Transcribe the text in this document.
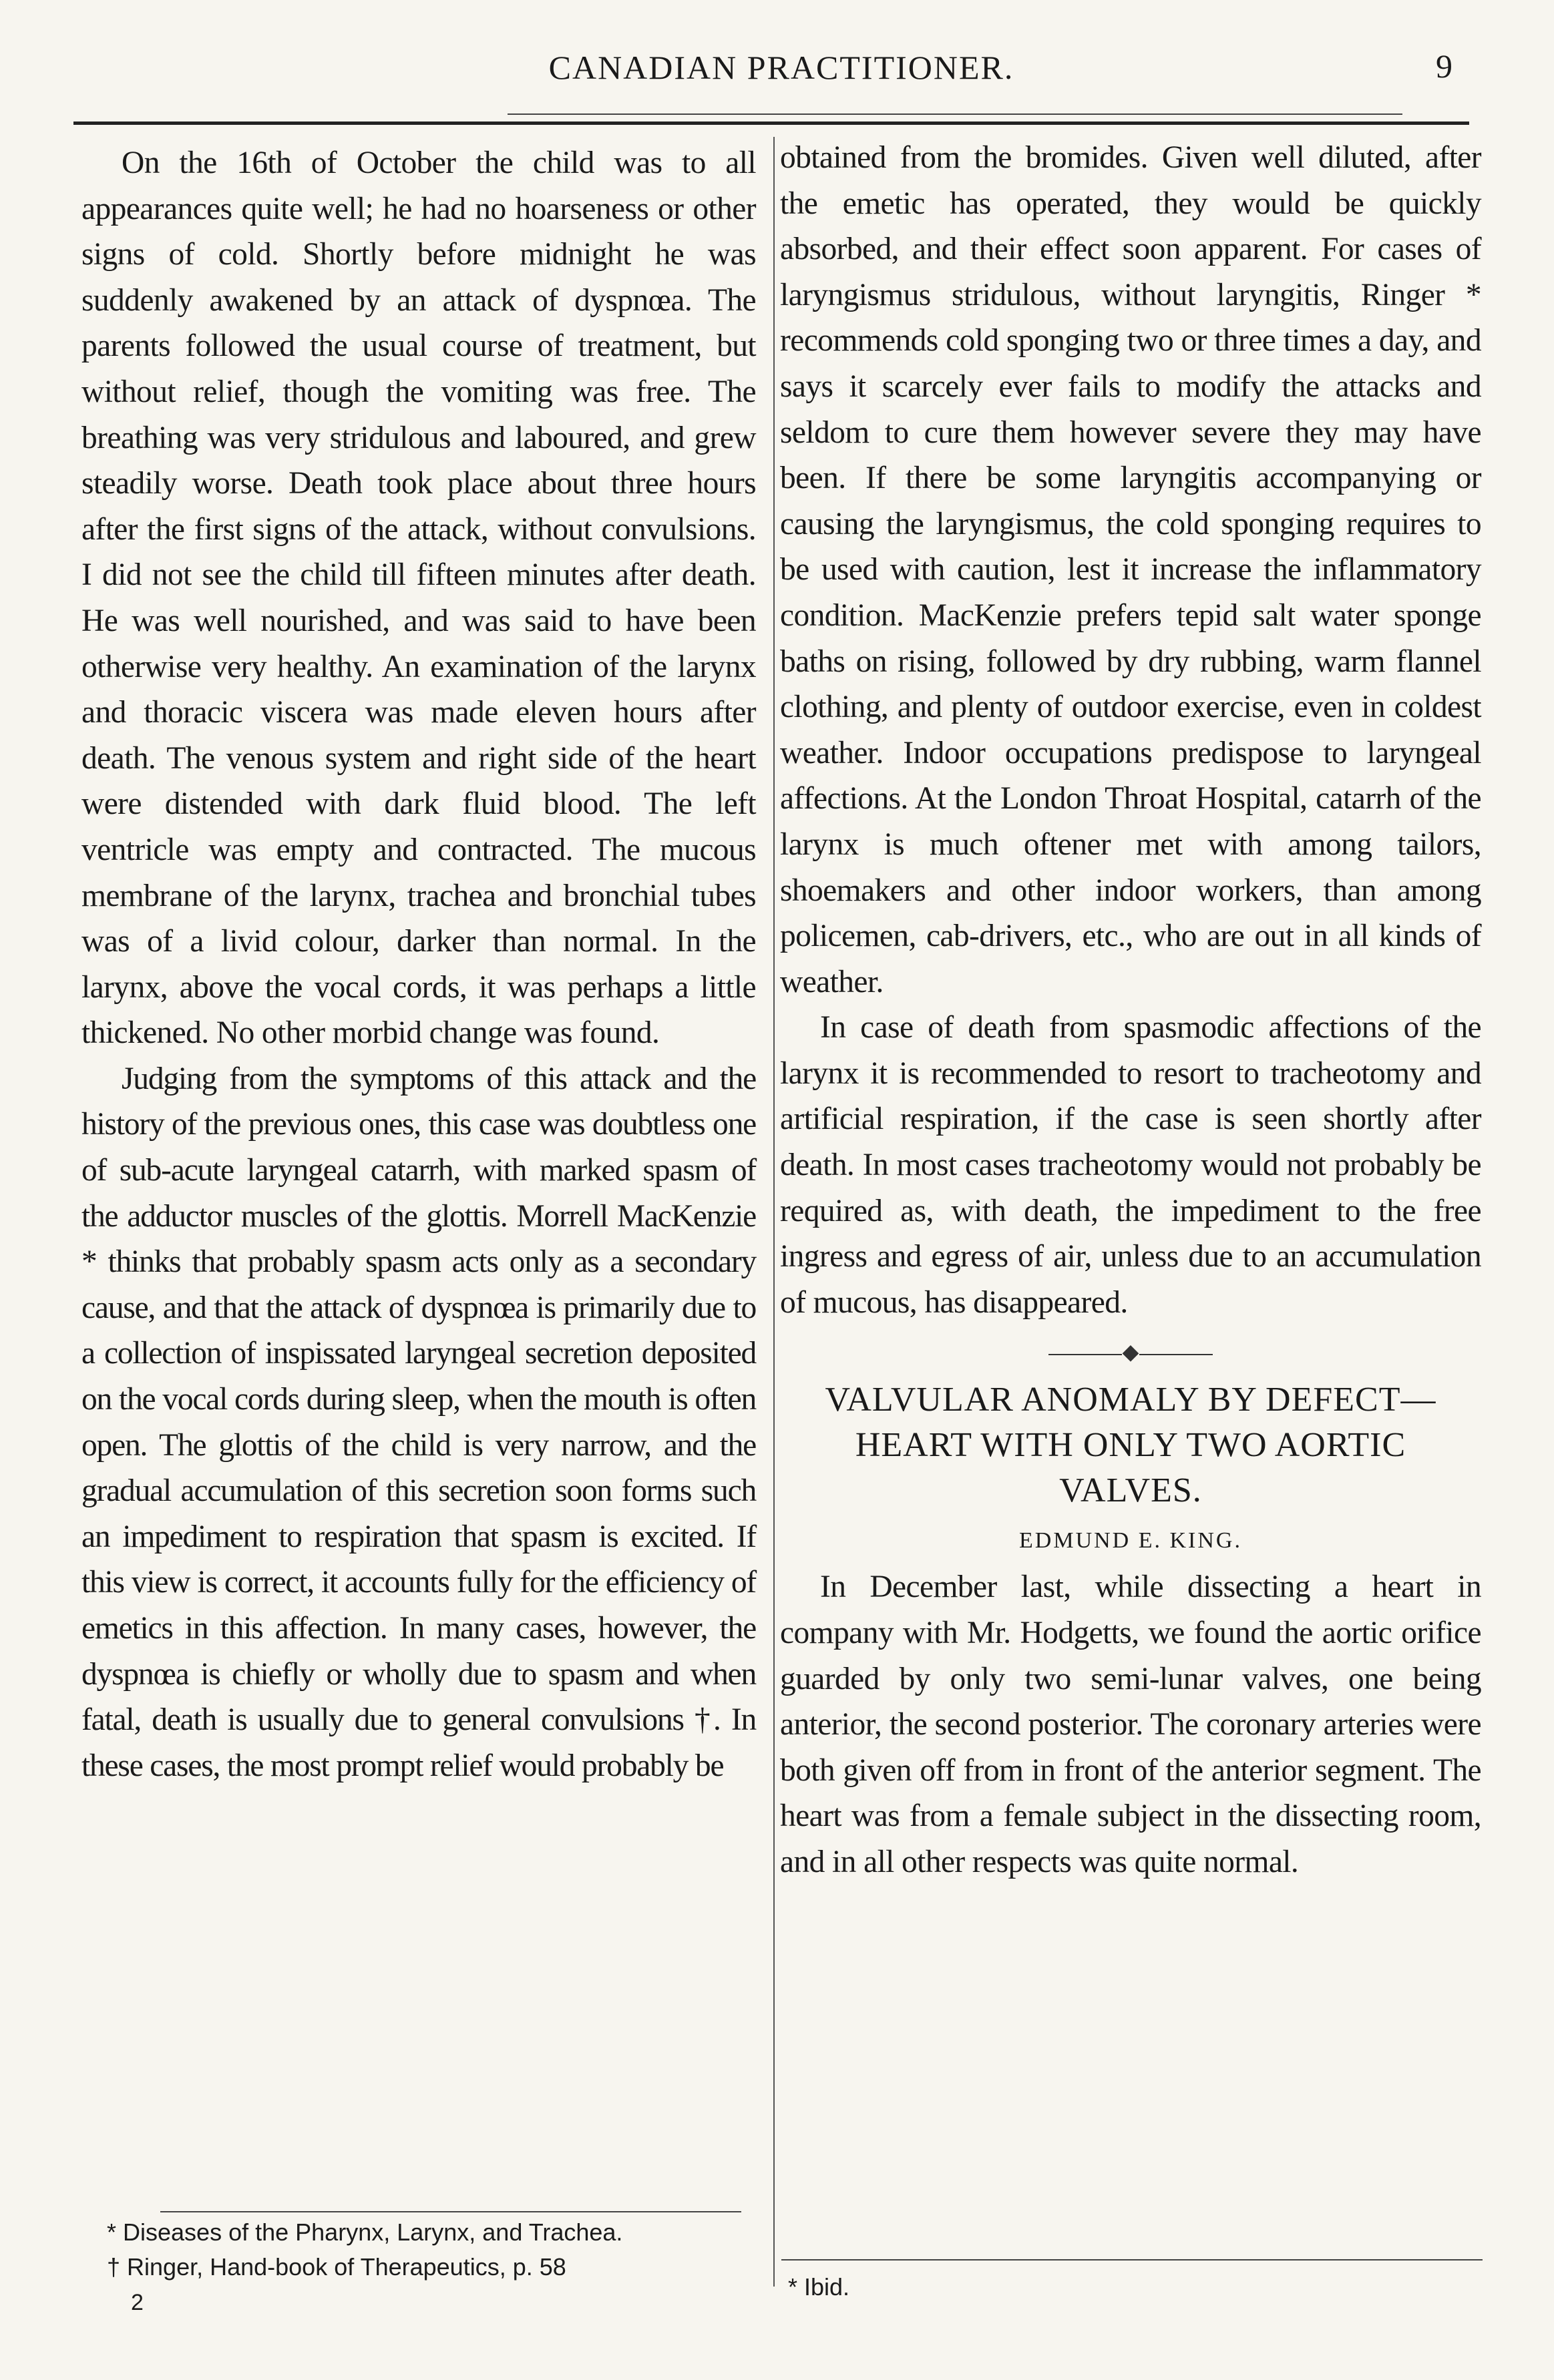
CANADIAN PRACTITIONER.	9

On the 16th of October the child was to all appearances quite well; he had no hoarseness or other signs of cold. Shortly before midnight he was suddenly awakened by an attack of dyspnœa. The parents followed the usual course of treatment, but without relief, though the vomiting was free. The breathing was very stridulous and laboured, and grew steadily worse. Death took place about three hours after the first signs of the attack, without convulsions. I did not see the child till fifteen minutes after death. He was well nourished, and was said to have been otherwise very healthy. An examination of the larynx and thoracic viscera was made eleven hours after death. The venous system and right side of the heart were distended with dark fluid blood. The left ventricle was empty and contracted. The mucous membrane of the larynx, trachea and bronchial tubes was of a livid colour, darker than normal. In the larynx, above the vocal cords, it was perhaps a little thickened. No other morbid change was found.

Judging from the symptoms of this attack and the history of the previous ones, this case was doubtless one of sub-acute laryngeal catarrh, with marked spasm of the adductor muscles of the glottis. Morrell MacKenzie * thinks that probably spasm acts only as a secondary cause, and that the attack of dyspnœa is primarily due to a collection of inspissated laryngeal secretion deposited on the vocal cords during sleep, when the mouth is often open. The glottis of the child is very narrow, and the gradual accumulation of this secretion soon forms such an impediment to respiration that spasm is excited. If this view is correct, it accounts fully for the efficiency of emetics in this affection. In many cases, however, the dyspnœa is chiefly or wholly due to spasm and when fatal, death is usually due to general convulsions †. In these cases, the most prompt relief would probably be

* Diseases of the Pharynx, Larynx, and Trachea.
† Ringer, Hand-book of Therapeutics, p. 58
2

obtained from the bromides. Given well diluted, after the emetic has operated, they would be quickly absorbed, and their effect soon apparent. For cases of laryngismus stridulous, without laryngitis, Ringer * recommends cold sponging two or three times a day, and says it scarcely ever fails to modify the attacks and seldom to cure them however severe they may have been. If there be some laryngitis accompanying or causing the laryngismus, the cold sponging requires to be used with caution, lest it increase the inflammatory condition. MacKenzie prefers tepid salt water sponge baths on rising, followed by dry rubbing, warm flannel clothing, and plenty of outdoor exercise, even in coldest weather. Indoor occupations predispose to laryngeal affections. At the London Throat Hospital, catarrh of the larynx is much oftener met with among tailors, shoemakers and other indoor workers, than among policemen, cab-drivers, etc., who are out in all kinds of weather.

In case of death from spasmodic affections of the larynx it is recommended to resort to tracheotomy and artificial respiration, if the case is seen shortly after death. In most cases tracheotomy would not probably be required as, with death, the impediment to the free ingress and egress of air, unless due to an accumulation of mucous, has disappeared.

⬥
VALVULAR ANOMALY BY DEFECT— HEART WITH ONLY TWO AORTIC VALVES.
EDMUND E. KING.

In December last, while dissecting a heart in company with Mr. Hodgetts, we found the aortic orifice guarded by only two semi-lunar valves, one being anterior, the second posterior. The coronary arteries were both given off from in front of the anterior segment. The heart was from a female subject in the dissecting room, and in all other respects was quite normal.

* Ibid.
